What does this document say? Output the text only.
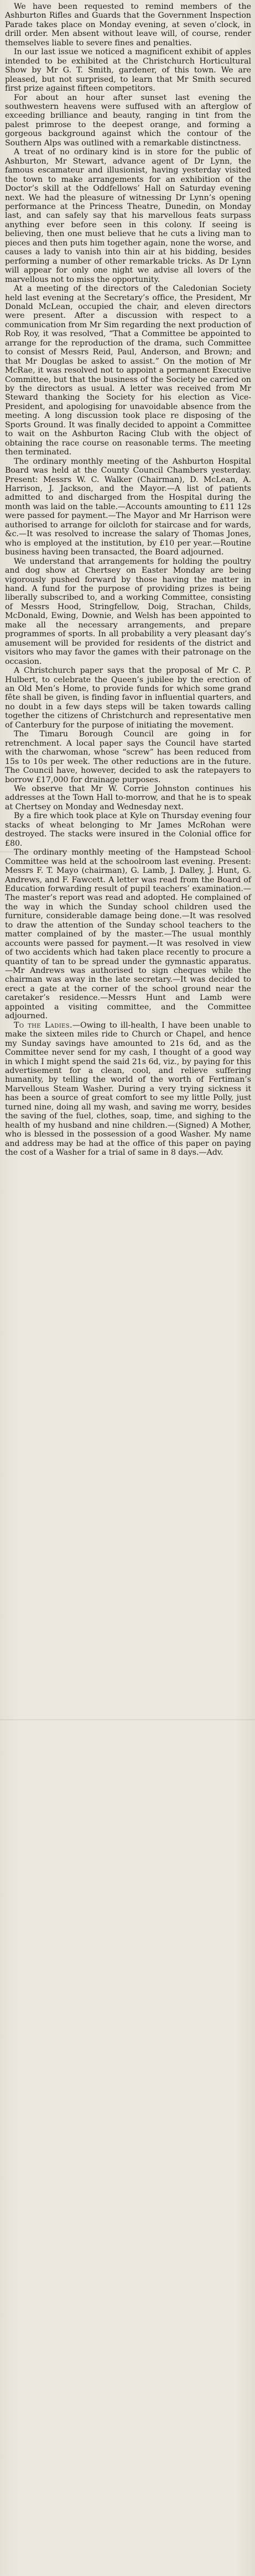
We have been requested to remind members of the Ashburton Rifles and Guards that the Government Inspection Parade takes place on Monday evening, at seven o’clock, in drill order. Men absent without leave will, of course, render themselves liable to severe fines and penalties.

In our last issue we noticed a magnificent exhibit of apples intended to be exhibited at the Christchurch Horticultural Show by Mr G. T. Smith, gardener, of this town. We are pleased, but not surprised, to learn that Mr Smith secured first prize against fifteen competitors.

For about an hour after sunset last evening the southwestern heavens were suffused with an afterglow of exceeding brilliance and beauty, ranging in tint from the palest primrose to the deepest orange, and forming a gorgeous background against which the contour of the Southern Alps was outlined with a remarkable distinctness.

A treat of no ordinary kind is in store for the public of Ashburton, Mr Stewart, advance agent of Dr Lynn, the famous escamateur and illusionist, having yesterday visited the town to make arrangements for an exhibition of the Doctor’s skill at the Oddfellows’ Hall on Saturday evening next. We had the pleasure of witnessing Dr Lynn’s opening performance at the Princess Theatre, Dunedin, on Monday last, and can safely say that his marvellous feats surpass anything ever before seen in this colony. If seeing is believing, then one must believe that he cuts a living man to pieces and then puts him together again, none the worse, and causes a lady to vanish into thin air at his bidding, besides performing a number of other remarkable tricks. As Dr Lynn will appear for only one night we advise all lovers of the marvellous not to miss the opportunity.

At a meeting of the directors of the Caledonian Society held last evening at the Secretary’s office, the President, Mr Donald McLean, occupied the chair, and eleven directors were present. After a discussion with respect to a communication from Mr Sim regarding the next production of Rob Roy, it was resolved, “That a Committee be appointed to arrange for the reproduction of the drama, such Committee to consist of Messrs Reid, Paul, Anderson, and Brown; and that Mr Douglas be asked to assist.” On the motion of Mr McRae, it was resolved not to appoint a permanent Executive Committee, but that the business of the Society be carried on by the directors as usual. A letter was received from Mr Steward thanking the Society for his election as Vice-President, and apologising for unavoidable absence from the meeting. A long discussion took place re disposing of the Sports Ground. It was finally decided to appoint a Committee to wait on the Ashburton Racing Club with the object of obtaining the race course on reasonable terms. The meeting then terminated.

The ordinary monthly meeting of the Ashburton Hospital Board was held at the County Council Chambers yesterday. Present: Messrs W. C. Walker (Chairman), D. McLean, A. Harrison, J. Jackson, and the Mayor.—A list of patients admitted to and discharged from the Hospital during the month was laid on the table.—Accounts amounting to £11 12s were passed for payment.—The Mayor and Mr Harrison were authorised to arrange for oilcloth for staircase and for wards, &c.—It was resolved to increase the salary of Thomas Jones, who is employed at the institution, by £10 per year.—Routine business having been transacted, the Board adjourned.

We understand that arrangements for holding the poultry and dog show at Chertsey on Easter Monday are being vigorously pushed forward by those having the matter in hand. A fund for the purpose of providing prizes is being liberally subscribed to, and a working Committee, consisting of Messrs Hood, Stringfellow, Doig, Strachan, Childs, McDonald, Ewing, Downie, and Welsh has been appointed to make all the necessary arrangements, and prepare programmes of sports. In all probability a very pleasant day’s amusement will be provided for residents of the district and visitors who may favor the games with their patronage on the occasion.

A Christchurch paper says that the proposal of Mr C. P. Hulbert, to celebrate the Queen’s jubilee by the erection of an Old Men’s Home, to provide funds for which some grand fête shall be given, is finding favor in influential quarters, and no doubt in a few days steps will be taken towards calling together the citizens of Christchurch and representative men of Canterbury for the purpose of initiating the movement.

The Timaru Borough Council are going in for retrenchment. A local paper says the Council have started with the charwoman, whose “screw” has been reduced from 15s to 10s per week. The other reductions are in the future. The Council have, however, decided to ask the ratepayers to borrow £17,000 for drainage purposes.

We observe that Mr W. Corrie Johnston continues his addresses at the Town Hall to-morrow, and that he is to speak at Chertsey on Monday and Wednesday next.

By a fire which took place at Kyle on Thursday evening four stacks of wheat belonging to Mr James McRohan were destroyed. The stacks were insured in the Colonial office for £80.

The ordinary monthly meeting of the Hampstead School Committee was held at the schoolroom last evening. Present: Messrs F. T. Mayo (chairman), G. Lamb, J. Dalley, J. Hunt, G. Andrews, and F. Fawcett. A letter was read from the Board of Education forwarding result of pupil teachers’ examination.—The master’s report was read and adopted. He complained of the way in which the Sunday school children used the furniture, considerable damage being done.—It was resolved to draw the attention of the Sunday school teachers to the matter complained of by the master.—The usual monthly accounts were passed for payment.—It was resolved in view of two accidents which had taken place recently to procure a quantity of tan to be spread under the gymnastic apparatus.—Mr Andrews was authorised to sign cheques while the chairman was away in the late secretary.—It was decided to erect a gate at the corner of the school ground near the caretaker’s residence.—Messrs Hunt and Lamb were appointed a visiting committee, and the Committee adjourned.

To the Ladies.—Owing to ill-health, I have been unable to make the sixteen miles ride to Church or Chapel, and hence my Sunday savings have amounted to 21s 6d, and as the Committee never send for my cash, I thought of a good way in which I might spend the said 21s 6d, viz., by paying for this advertisement for a clean, cool, and relieve suffering humanity, by telling the world of the worth of Fertiman’s Marvellous Steam Washer. During a very trying sickness it has been a source of great comfort to see my little Polly, just turned nine, doing all my wash, and saving me worry, besides the saving of the fuel, clothes, soap, time, and sighing to the health of my husband and nine children.—(Signed) A Mother, who is blessed in the possession of a good Washer. My name and address may be had at the office of this paper on paying the cost of a Washer for a trial of same in 8 days.—Adv.
